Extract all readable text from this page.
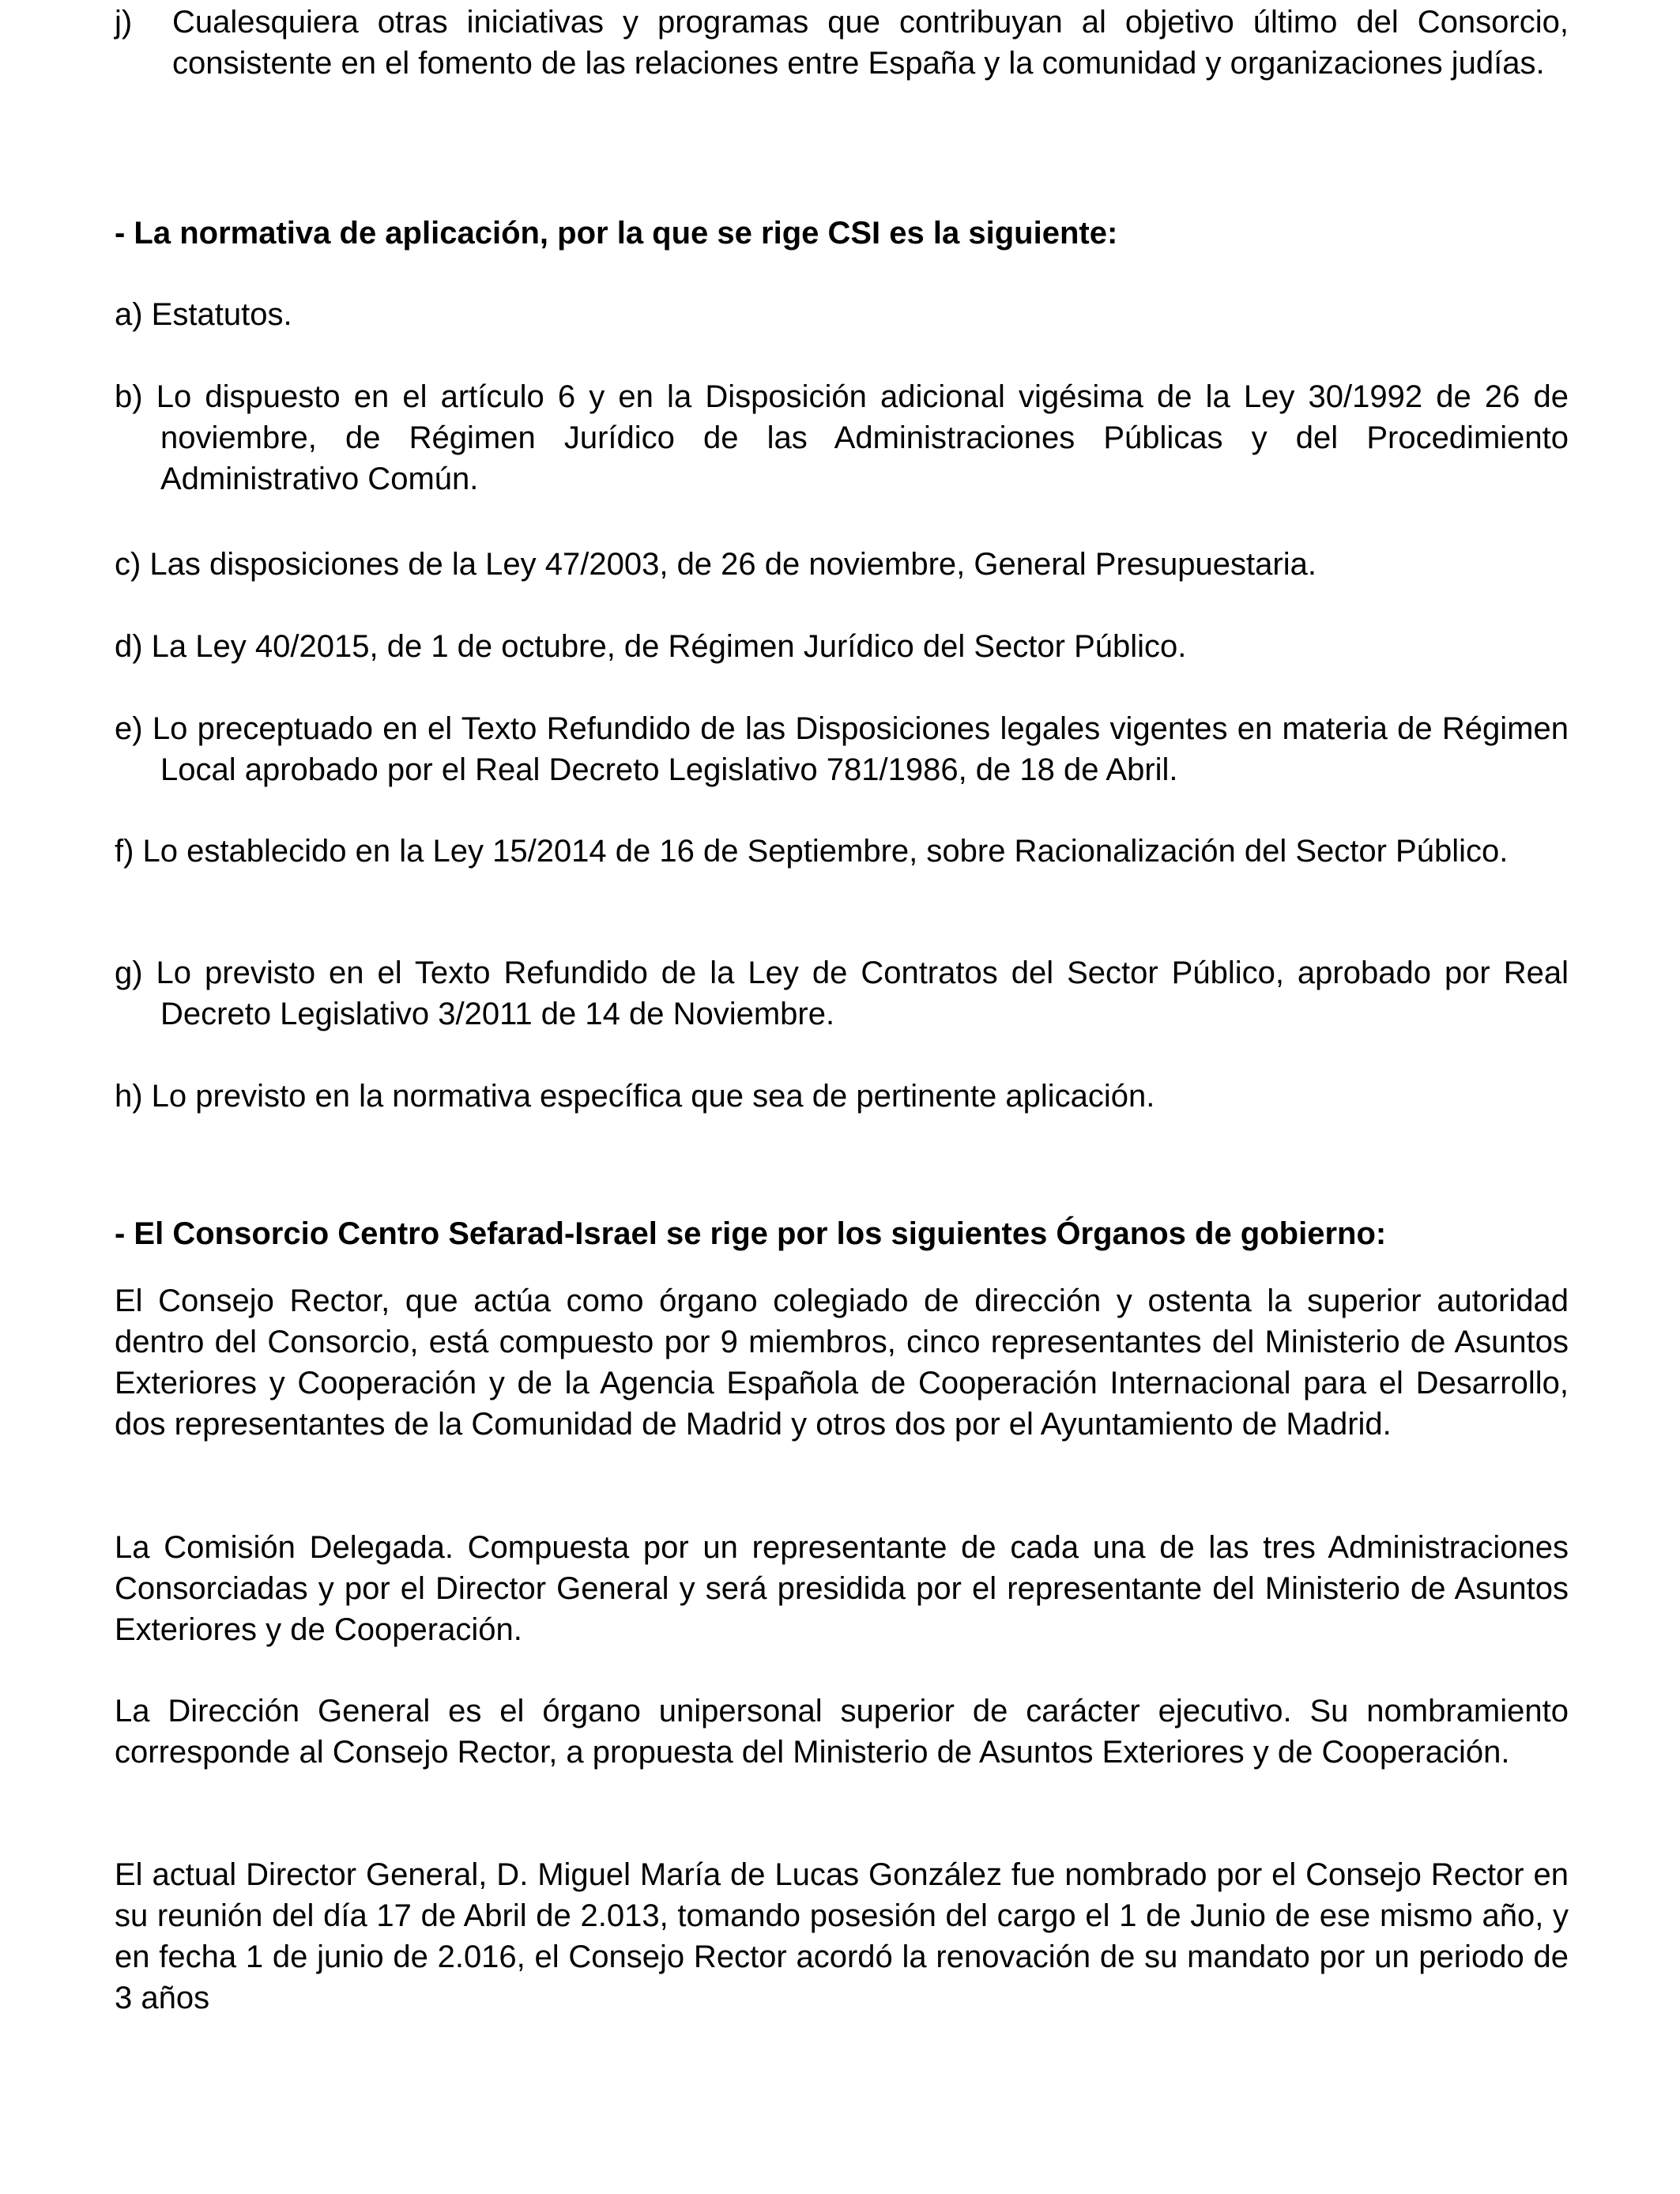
j) Cualesquiera otras iniciativas y programas que contribuyan al objetivo último del Consorcio, consistente en el fomento de las relaciones entre España y la comunidad y organizaciones judías.

- La normativa de aplicación, por la que se rige CSI es la siguiente:

a) Estatutos.

b) Lo dispuesto en el artículo 6 y en la Disposición adicional vigésima de la Ley 30/1992 de 26 de noviembre, de Régimen Jurídico de las Administraciones Públicas y del Procedimiento Administrativo Común.

c) Las disposiciones de la Ley 47/2003, de 26 de noviembre, General Presupuestaria.

d) La Ley 40/2015, de 1 de octubre, de Régimen Jurídico del Sector Público.

e) Lo preceptuado en el Texto Refundido de las Disposiciones legales vigentes en materia de Régimen Local aprobado por el Real Decreto Legislativo 781/1986, de 18 de Abril.

f) Lo establecido en la Ley 15/2014 de 16 de Septiembre, sobre Racionalización del Sector Público.

g) Lo previsto en el Texto Refundido de la Ley de Contratos del Sector Público, aprobado por Real Decreto Legislativo 3/2011 de 14 de Noviembre.

h) Lo previsto en la normativa específica que sea de pertinente aplicación.

- El Consorcio Centro Sefarad-Israel se rige por los siguientes Órganos de gobierno:

El Consejo Rector, que actúa como órgano colegiado de dirección y ostenta la superior autoridad dentro del Consorcio, está compuesto por 9 miembros, cinco representantes del Ministerio de Asuntos Exteriores y Cooperación y de la Agencia Española de Cooperación Internacional para el Desarrollo, dos representantes de la Comunidad de Madrid y otros dos por el Ayuntamiento de Madrid.

La Comisión Delegada. Compuesta por un representante de cada una de las tres Administraciones Consorciadas y por el Director General y será presidida por el representante del Ministerio de Asuntos Exteriores y de Cooperación.

La Dirección General es el órgano unipersonal superior de carácter ejecutivo. Su nombramiento corresponde al Consejo Rector, a propuesta del Ministerio de Asuntos Exteriores y de Cooperación.

El actual Director General, D. Miguel María de Lucas González fue nombrado por el Consejo Rector en su reunión del día 17 de Abril de 2.013, tomando posesión del cargo el 1 de Junio de ese mismo año, y en fecha 1 de junio de 2.016, el Consejo Rector acordó la renovación de su mandato por un periodo de 3 años
